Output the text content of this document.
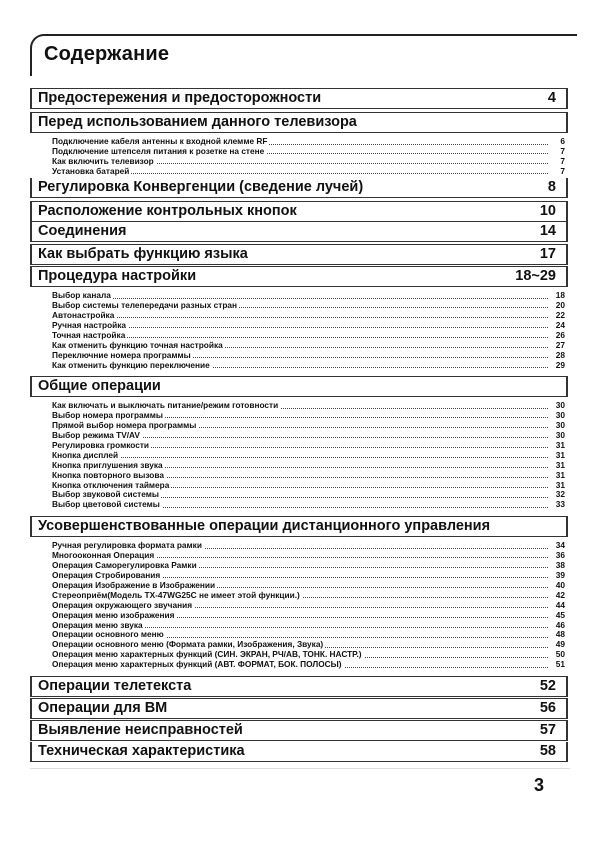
Содержание
Предостережения и предосторожности	4
Перед использованием данного телевизора
Подключение кабеля антенны к входной клемме RF	6
Подключение штепселя питания к розетке на стене	7
Как включить телевизор	7
Установка батарей	7
Регулировка Конвергенции (сведение лучей)	8
Расположение контрольных кнопок	10
Соединения	14
Как выбрать функцию языка	17
Процедура настройки	18~29
Выбор канала	18
Выбор системы телепередачи разных стран	20
Автонастройка	22
Ручная настройка	24
Точная настройка	26
Как отменить функцию точная настройка	27
Переключние номера программы	28
Как отменить функцию переключение	29
Общие операции
Как включать и выключать питание/режим готовности	30
Выбор номера программы	30
Прямой выбор номера программы	30
Выбор режима TV/AV	30
Регулировка громкости	31
Кнопка дисплей	31
Кнопка приглушения звука	31
Кнопка повторного вызова	31
Кнопка отключения таймера	31
Выбор звуковой системы	32
Выбор цветовой системы	33
Усовершенствованные операции дистанционного управления
Ручная регулировка формата рамки	34
Многооконная Операция	36
Операция Саморегулировка Рамки	38
Операция Стробирования	39
Операция Изображение в Изображении	40
Стереоприём(Модель TX-47WG25C не имеет этой функции.)	42
Операция окружающего звучания	44
Операция меню изображения	45
Операция меню звука	46
Операции основного меню	48
Операции основного меню (Формата рамки, Изображения, Звука)	49
Операция меню характерных функций (СИН. ЭКРАН, РЧ/АВ, ТОНК. НАСТР.)	50
Операция меню характерных функций (АВТ. ФОРМАТ, БОК. ПОЛОСЫ)	51
Операции телетекста	52
Операции для ВМ	56
Выявление неисправностей	57
Техническая характеристика	58
3
